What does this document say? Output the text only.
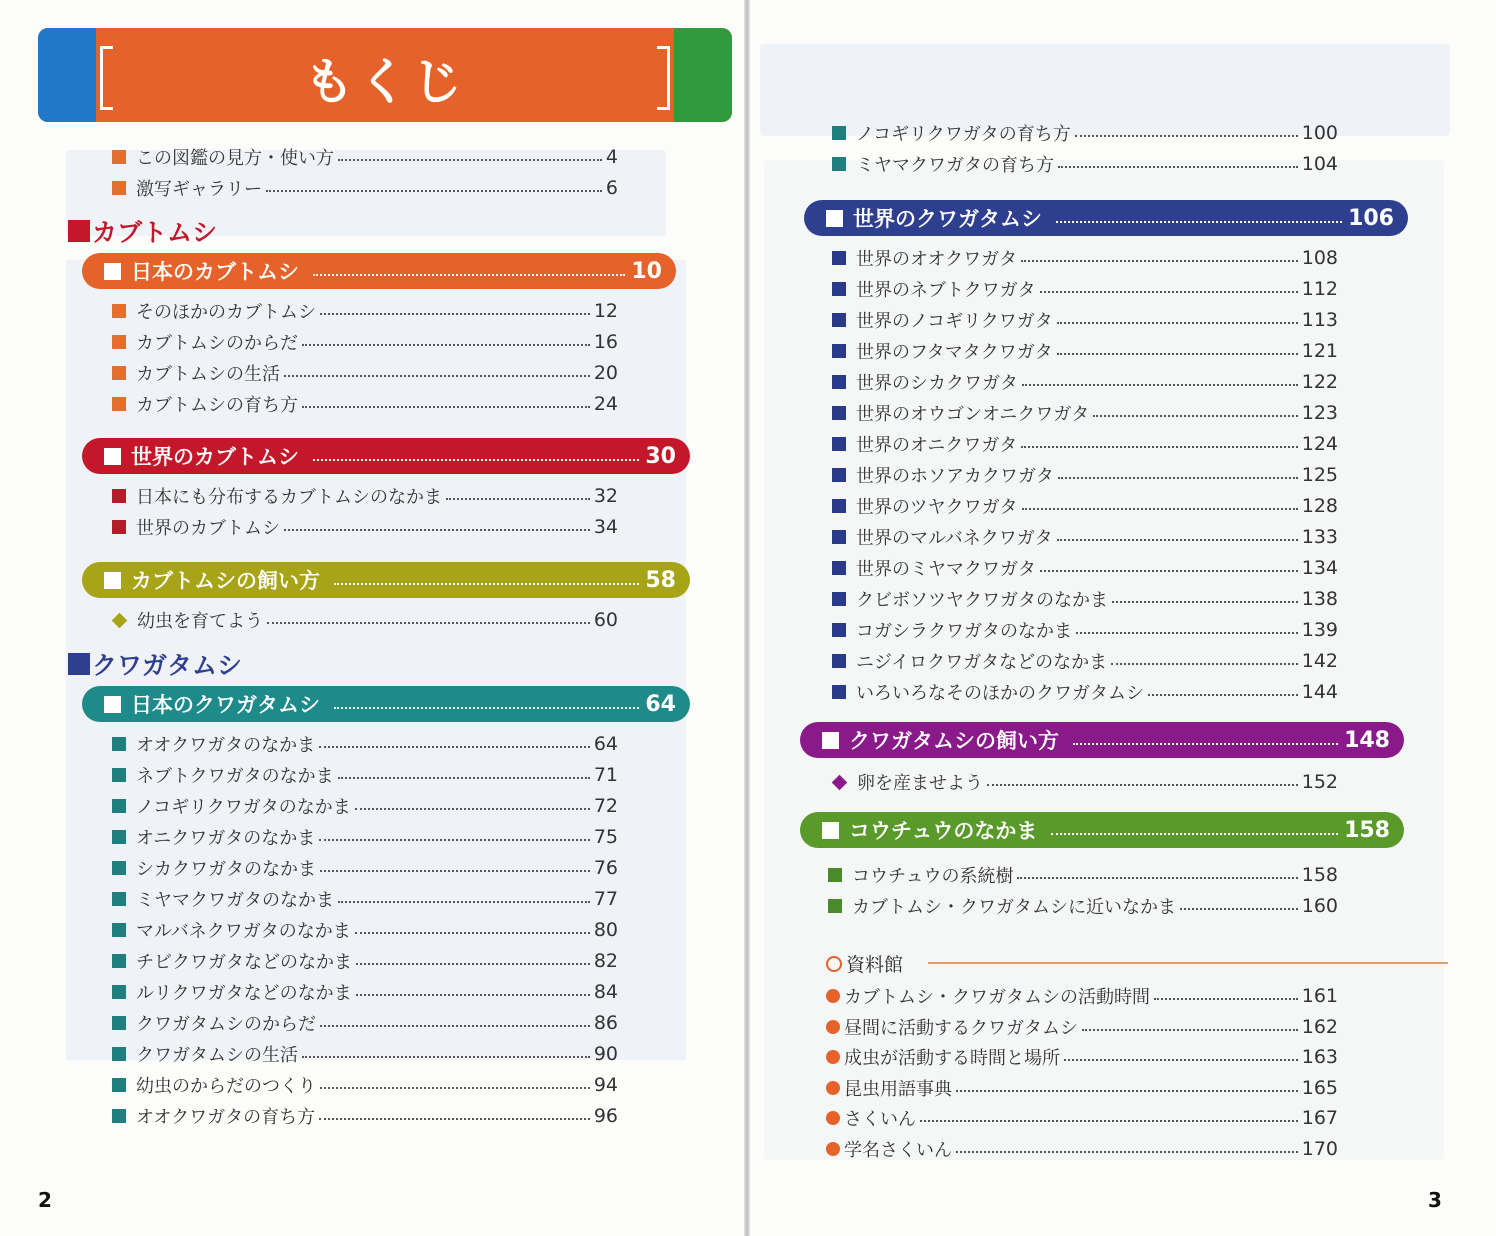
もくじ
この図鑑の見方・使い方	4
激写ギャラリー	6
カブトムシ
日本のカブトムシ	10
そのほかのカブトムシ	12
カブトムシのからだ	16
カブトムシの生活	20
カブトムシの育ち方	24
世界のカブトムシ	30
日本にも分布するカブトムシのなかま	32
世界のカブトムシ	34
カブトムシの飼い方	58
幼虫を育てよう	60
クワガタムシ
日本のクワガタムシ	64
オオクワガタのなかま	64
ネブトクワガタのなかま	71
ノコギリクワガタのなかま	72
オニクワガタのなかま	75
シカクワガタのなかま	76
ミヤマクワガタのなかま	77
マルバネクワガタのなかま	80
チビクワガタなどのなかま	82
ルリクワガタなどのなかま	84
クワガタムシのからだ	86
クワガタムシの生活	90
幼虫のからだのつくり	94
オオクワガタの育ち方	96
ノコギリクワガタの育ち方	100
ミヤマクワガタの育ち方	104
世界のクワガタムシ	106
世界のオオクワガタ	108
世界のネブトクワガタ	112
世界のノコギリクワガタ	113
世界のフタマタクワガタ	121
世界のシカクワガタ	122
世界のオウゴンオニクワガタ	123
世界のオニクワガタ	124
世界のホソアカクワガタ	125
世界のツヤクワガタ	128
世界のマルバネクワガタ	133
世界のミヤマクワガタ	134
クビボソツヤクワガタのなかま	138
コガシラクワガタのなかま	139
ニジイロクワガタなどのなかま	142
いろいろなそのほかのクワガタムシ	144
クワガタムシの飼い方	148
卵を産ませよう	152
コウチュウのなかま	158
コウチュウの系統樹	158
カブトムシ・クワガタムシに近いなかま	160
カブトムシ・クワガタムシの活動時間	161
昼間に活動するクワガタムシ	162
成虫が活動する時間と場所	163
昆虫用語事典	165
さくいん	167
学名さくいん	170
2	3
資料館
